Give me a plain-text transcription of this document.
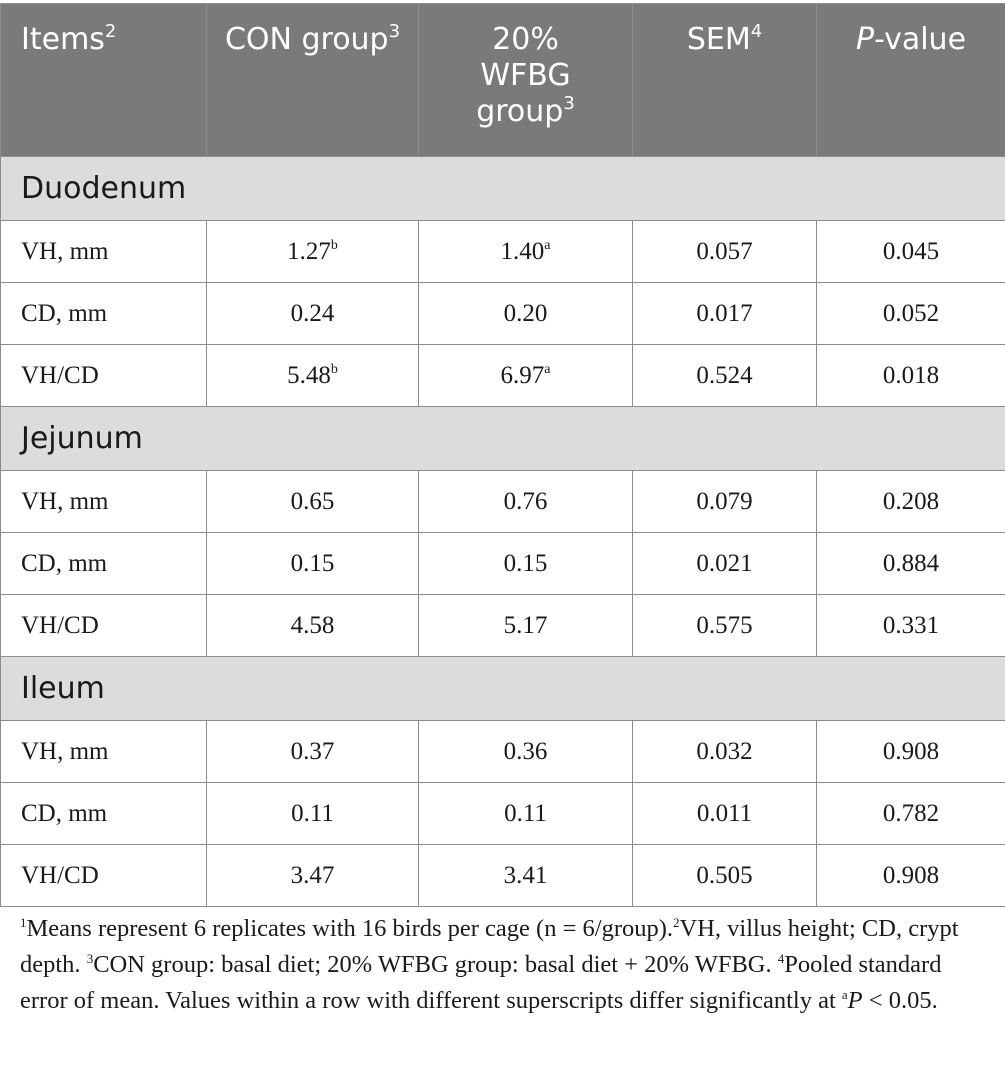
Items$^2$	CON group$^3$	20% WFBG group$^3$	SEM$^4$	P-value
Duodenum				
VH, mm	1.27$^b$	1.40$^a$	0.057	0.045
CD, mm	0.24	0.20	0.017	0.052
VH/CD	5.48$^b$	6.97$^a$	0.524	0.018
Jejunum				
VH, mm	0.65	0.76	0.079	0.208
CD, mm	0.15	0.15	0.021	0.884
VH/CD	4.58	5.17	0.575	0.331
Ileum				
VH, mm	0.37	0.36	0.032	0.908
CD, mm	0.11	0.11	0.011	0.782
VH/CD	3.47	3.41	0.505	0.908
$^1$Means represent 6 replicates with 16 birds per cage (n = 6/group).$^2$VH, villus height; CD, crypt depth. $^3$CON group: basal diet; 20% WFBG group: basal diet + 20% WFBG. $^4$Pooled standard error of mean. Values within a row with different superscripts differ significantly at $^a$P < 0.05.
